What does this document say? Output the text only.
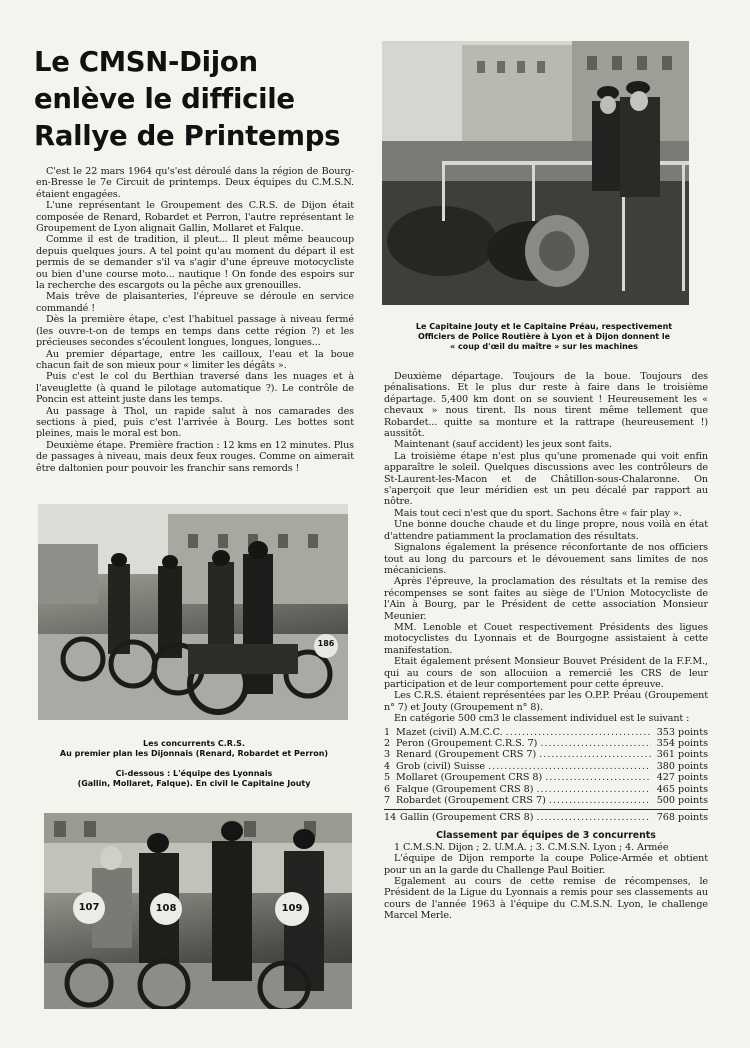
Le CMSN-Dijon
enlève le difficile
Rallye de Printemps

C'est le 22 mars 1964 qu's'est déroulé dans la région de Bourg-en-Bresse le 7e Circuit de printemps. Deux équipes du C.M.S.N. étaient engagées.

L'une représentant le Groupement des C.R.S. de Dijon était composée de Renard, Robardet et Perron, l'autre représentant le Groupement de Lyon alignait Gallin, Mollaret et Falque.

Comme il est de tradition, il pleut... Il pleut même beaucoup depuis quelques jours. A tel point qu'au moment du départ il est permis de se demander s'il va s'agir d'une épreuve motocycliste ou bien d'une course moto... nautique ! On fonde des espoirs sur la recherche des escargots ou la pêche aux grenouilles.

Mais trêve de plaisanteries, l'épreuve se déroule en service commandé !

Dès la première étape, c'est l'habituel passage à niveau fermé (les ouvre-t-on de temps en temps dans cette région ?) et les précieuses secondes s'écoulent longues, longues, longues...

Au premier départage, entre les cailloux, l'eau et la boue chacun fait de son mieux pour « limiter les dégâts ».

Puis c'est le col du Berthian traversé dans les nuages et à l'aveuglette (à quand le pilotage automatique ?). Le contrôle de Poncin est atteint juste dans les temps.

Au passage à Thol, un rapide salut à nos camarades des sections à pied, puis c'est l'arrivée à Bourg. Les bottes sont pleines, mais le moral est bon.

Deuxième étape. Première fraction : 12 kms en 12 minutes. Plus de passages à niveau, mais deux feux rouges. Comme on aimerait être daltonien pour pouvoir les franchir sans remords !

Le Capitaine Jouty et le Capitaine Préau, respectivement
Officiers de Police Routière à Lyon et à Dijon donnent le
« coup d'œil du maître » sur les machines
186
Les concurrents C.R.S.
Au premier plan les Dijonnais (Renard, Robardet et Perron)
Ci-dessous : L'équipe des Lyonnais
(Gallin, Mollaret, Falque). En civil le Capitaine Jouty
107	108	109

Deuxième départage. Toujours de la boue. Toujours des pénalisations. Et le plus dur reste à faire dans le troisième départage. 5,400 km dont on se souvient ! Heureusement les « chevaux » nous tirent. Ils nous tirent même tellement que Robardet... quitte sa monture et la rattrape (heureusement !) aussitôt.

Maintenant (sauf accident) les jeux sont faits.

La troisième étape n'est plus qu'une promenade qui voit enfin apparaître le soleil. Quelques discussions avec les contrôleurs de St-Laurent-les-Macon et de Châtillon-sous-Chalaronne. On s'aperçoit que leur méridien est un peu décalé par rapport au nôtre.

Mais tout ceci n'est que du sport. Sachons être « fair play ».

Une bonne douche chaude et du linge propre, nous voilà en état d'attendre patiamment la proclamation des résultats.

Signalons également la présence réconfortante de nos officiers tout au long du parcours et le dévouement sans limites de nos mécaniciens.

Après l'épreuve, la proclamation des résultats et la remise des récompenses se sont faites au siège de l'Union Motocycliste de l'Ain à Bourg, par le Président de cette association Monsieur Meunier.

MM. Lenoble et Couet respectivement Présidents des ligues motocyclistes du Lyonnais et de Bourgogne assistaient à cette manifestation.

Etait également présent Monsieur Bouvet Président de la F.F.M., qui au cours de son allocuion a remercié les CRS de leur participation et de leur comportement pour cette épreuve.

Les C.R.S. étaient représentées par les O.P.P. Préau (Groupement n° 7) et Jouty (Groupement n° 8).

En catégorie 500 cm3 le classement individuel est le suivant :

1 Mazet (civil) A.M.C.C. .....	353 points
2 Peron (Groupement C.R.S. 7) .....	354 points
3 Renard (Groupement CRS 7) .....	361 points
4 Grob (civil) Suisse .....	380 points
5 Mollaret (Groupement CRS 8) .....	427 points
6 Falque (Groupement CRS 8) .....	465 points
7 Robardet (Groupement CRS 7) .....	500 points
14 Gallin (Groupement CRS 8) .....	768 points
Classement par équipes de 3 concurrents

1 C.M.S.N. Dijon ; 2. U.M.A. ; 3. C.M.S.N. Lyon ; 4. Armée

L'équipe de Dijon remporte la coupe Police-Armée et obtient pour un an la garde du Challenge Paul Boitier.

Egalement au cours de cette remise de récompenses, le Président de la Ligue du Lyonnais a remis pour ses classements au cours de l'année 1963 à l'équipe du C.M.S.N. Lyon, le challenge Marcel Merle.
